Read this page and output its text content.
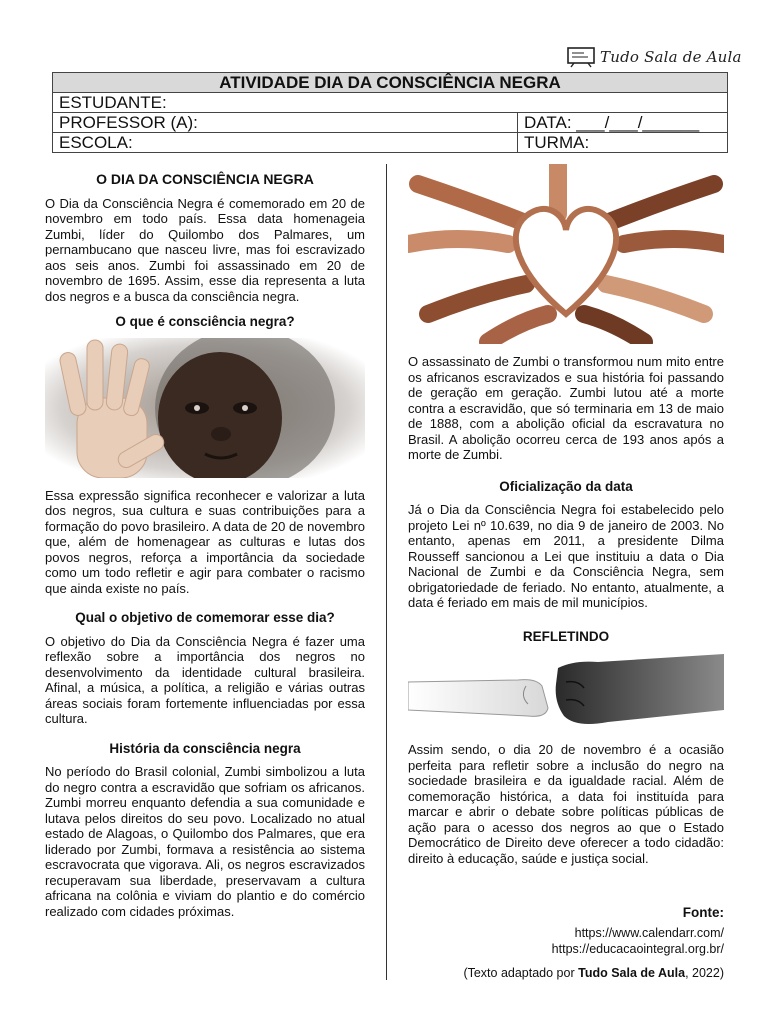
Tudo Sala de Aula
ATIVIDADE DIA DA CONSCIÊNCIA NEGRA	
ESTUDANTE:	
PROFESSOR (A):	DATA: ___/___/______
ESCOLA:	TURMA:
O DIA DA CONSCIÊNCIA NEGRA

O Dia da Consciência Negra é comemorado em 20 de novembro em todo país. Essa data homenageia Zumbi, líder do Quilombo dos Palmares, um pernambucano que nasceu livre, mas foi escravizado aos seis anos. Zumbi foi assassinado em 20 de novembro de 1695. Assim, esse dia representa a luta dos negros e a busca da consciência negra.

O que é consciência negra?

Essa expressão significa reconhecer e valorizar a luta dos negros, sua cultura e suas contribuições para a formação do povo brasileiro. A data de 20 de novembro que, além de homenagear as culturas e lutas dos povos negros, reforça a importância da sociedade como um todo refletir e agir para combater o racismo que ainda existe no país.

Qual o objetivo de comemorar esse dia?

O objetivo do Dia da Consciência Negra é fazer uma reflexão sobre a importância dos negros no desenvolvimento da identidade cultural brasileira. Afinal, a música, a política, a religião e várias outras áreas sociais foram fortemente influenciadas por essa cultura.

História da consciência negra

No período do Brasil colonial, Zumbi simbolizou a luta do negro contra a escravidão que sofriam os africanos. Zumbi morreu enquanto defendia a sua comunidade e lutava pelos direitos do seu povo. Localizado no atual estado de Alagoas, o Quilombo dos Palmares, que era liderado por Zumbi, formava a resistência ao sistema escravocrata que vigorava. Ali, os negros escravizados recuperavam sua liberdade, preservavam a cultura africana na colônia e viviam do plantio e do comércio realizado com cidades próximas.

O assassinato de Zumbi o transformou num mito entre os africanos escravizados e sua história foi passando de geração em geração. Zumbi lutou até a morte contra a escravidão, que só terminaria em 13 de maio de 1888, com a abolição oficial da escravatura no Brasil. A abolição ocorreu cerca de 193 anos após a morte de Zumbi.

Oficialização da data

Já o Dia da Consciência Negra foi estabelecido pelo projeto Lei nº 10.639, no dia 9 de janeiro de 2003. No entanto, apenas em 2011, a presidente Dilma Rousseff sancionou a Lei que instituiu a data o Dia Nacional de Zumbi e da Consciência Negra, sem obrigatoriedade de feriado. No entanto, atualmente, a data é feriado em mais de mil municípios.

REFLETINDO

Assim sendo, o dia 20 de novembro é a ocasião perfeita para refletir sobre a inclusão do negro na sociedade brasileira e da igualdade racial. Além de comemoração histórica, a data foi instituída para marcar e abrir o debate sobre políticas públicas de ação para o acesso dos negros ao que o Estado Democrático de Direito deve oferecer a todo cidadão: direito à educação, saúde e justiça social.

Fonte:
https://www.calendarr.com/
https://educacaointegral.org.br/
(Texto adaptado por Tudo Sala de Aula, 2022)
